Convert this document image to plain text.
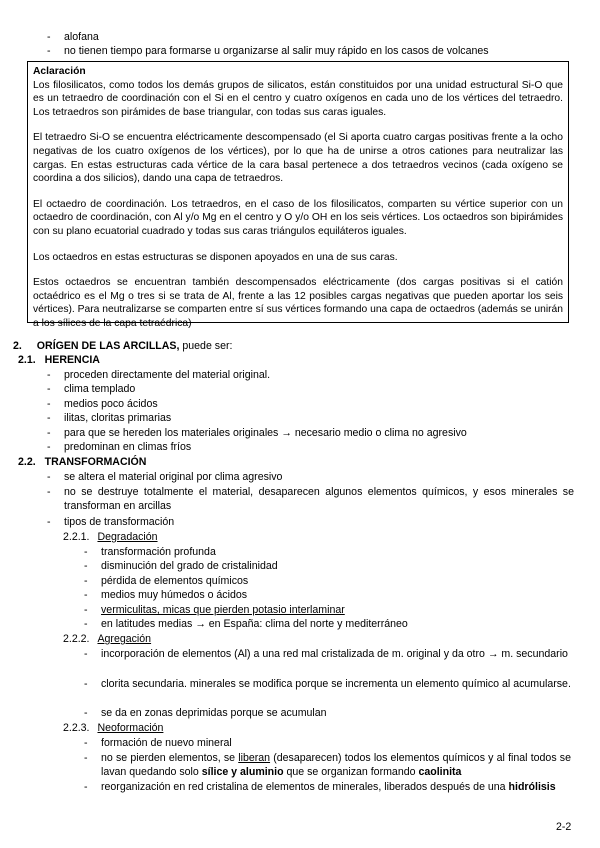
- alofana
- no tienen tiempo para formarse u organizarse al salir muy rápido en los casos de volcanes

Aclaración

Los filosilicatos, como todos los demás grupos de silicatos, están constituidos por una unidad estructural Si-O que es un tetraedro de coordinación con el Si en el centro y cuatro oxígenos en cada uno de los vértices del tetraedro. Los tetraedros son pirámides de base triangular, con todas sus caras iguales.

El tetraedro Si-O se encuentra eléctricamente descompensado (el Si aporta cuatro cargas positivas frente a la ocho negativas de los cuatro oxígenos de los vértices), por lo que ha de unirse a otros cationes para neutralizar las cargas. En estas estructuras cada vértice de la cara basal pertenece a dos tetraedros vecinos (cada oxígeno se coordina a dos silicios), dando una capa de tetraedros.

El octaedro de coordinación. Los tetraedros, en el caso de los filosilicatos, comparten su vértice superior con un octaedro de coordinación, con Al y/o Mg en el centro y O y/o OH en los seis vértices. Los octaedros son bipirámides con su plano ecuatorial cuadrado y todas sus caras triángulos equiláteros iguales.

Los octaedros en estas estructuras se disponen apoyados en una de sus caras.

Estos octaedros se encuentran también descompensados eléctricamente (dos cargas positivas si el catión octaédrico es el Mg o tres si se trata de Al, frente a las 12 posibles cargas negativas que pueden aportar los seis vértices). Para neutralizarse se comparten entre sí sus vértices formando una capa de octaedros (además se unirán a los sílices de la capa tetraédrica)

2. ORÍGEN DE LAS ARCILLAS, puede ser:
2.1. HERENCIA
- proceden directamente del material original.
- clima templado
- medios poco ácidos
- ilitas, cloritas primarias
- para que se hereden los materiales originales → necesario medio o clima no agresivo
- predominan en climas fríos
2.2. TRANSFORMACIÓN
- se altera el material original por clima agresivo
- no se destruye totalmente el material, desaparecen algunos elementos químicos, y esos minerales se transforman en arcillas
- tipos de transformación
2.2.1. Degradación
- transformación profunda
- disminución del grado de cristalinidad
- pérdida de elementos químicos
- medios muy húmedos o ácidos
- vermiculitas, micas que pierden potasio interlaminar
- en latitudes medias → en España: clima del norte y mediterráneo
2.2.2. Agregación
- incorporación de elementos (Al) a una red mal cristalizada de m. original y da otro → m. secundario
- clorita secundaria. minerales se modifica porque se incrementa un elemento químico al acumularse.
- se da en zonas deprimidas porque se acumulan
2.2.3. Neoformación
- formación de nuevo mineral
- no se pierden elementos, se liberan (desaparecen) todos los elementos químicos y al final todos se lavan quedando solo sílice y aluminio que se organizan formando caolinita
- reorganización en red cristalina de elementos de minerales, liberados después de una hidrólisis
2-2
